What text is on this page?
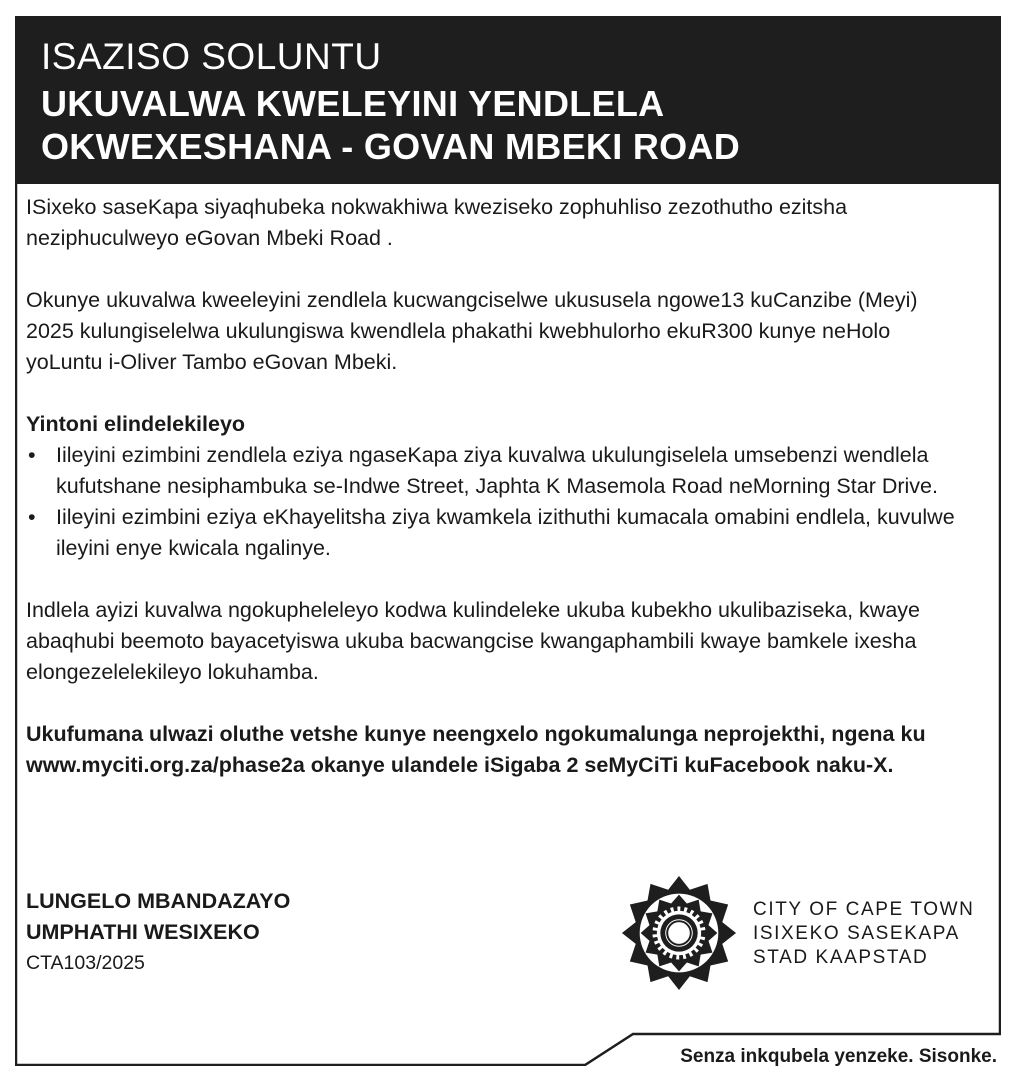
ISAZISO SOLUNTU
UKUVALWA KWELEYINI YENDLELA
OKWEXESHANA - GOVAN MBEKI ROAD

ISixeko saseKapa siyaqhubeka nokwakhiwa kweziseko zophuhliso zezothutho ezitsha neziphuculweyo eGovan Mbeki Road .

Okunye ukuvalwa kweeleyini zendlela kucwangciselwe ukususela ngowe13 kuCanzibe (Meyi) 2025 kulungiselelwa ukulungiswa kwendlela phakathi kwebhulorho ekuR300 kunye neHolo yoLuntu i-Oliver Tambo eGovan Mbeki.

Yintoni elindelekileyo

• Iileyini ezimbini zendlela eziya ngaseKapa ziya kuvalwa ukulungiselela umsebenzi wendlela kufutshane nesiphambuka se-Indwe Street, Japhta K Masemola Road neMorning Star Drive.
• Iileyini ezimbini eziya eKhayelitsha ziya kwamkela izithuthi kumacala omabini endlela, kuvulwe ileyini enye kwicala ngalinye.

Indlela ayizi kuvalwa ngokupheleleyo kodwa kulindeleke ukuba kubekho ukulibaziseka, kwaye abaqhubi beemoto bayacetyiswa ukuba bacwangcise kwangaphambili kwaye bamkele ixesha elongezelelekileyo lokuhamba.

Ukufumana ulwazi oluthe vetshe kunye neengxelo ngokumalunga neprojekthi, ngena ku www.myciti.org.za/phase2a okanye ulandele iSigaba 2 seMyCiTi kuFacebook naku-X.

LUNGELO MBANDAZAYO
UMPHATHI WESIXEKO
CTA103/2025
CITY OF CAPE TOWN
ISIXEKO SASEKAPA
STAD KAAPSTAD
Senza inkqubela yenzeke. Sisonke.
